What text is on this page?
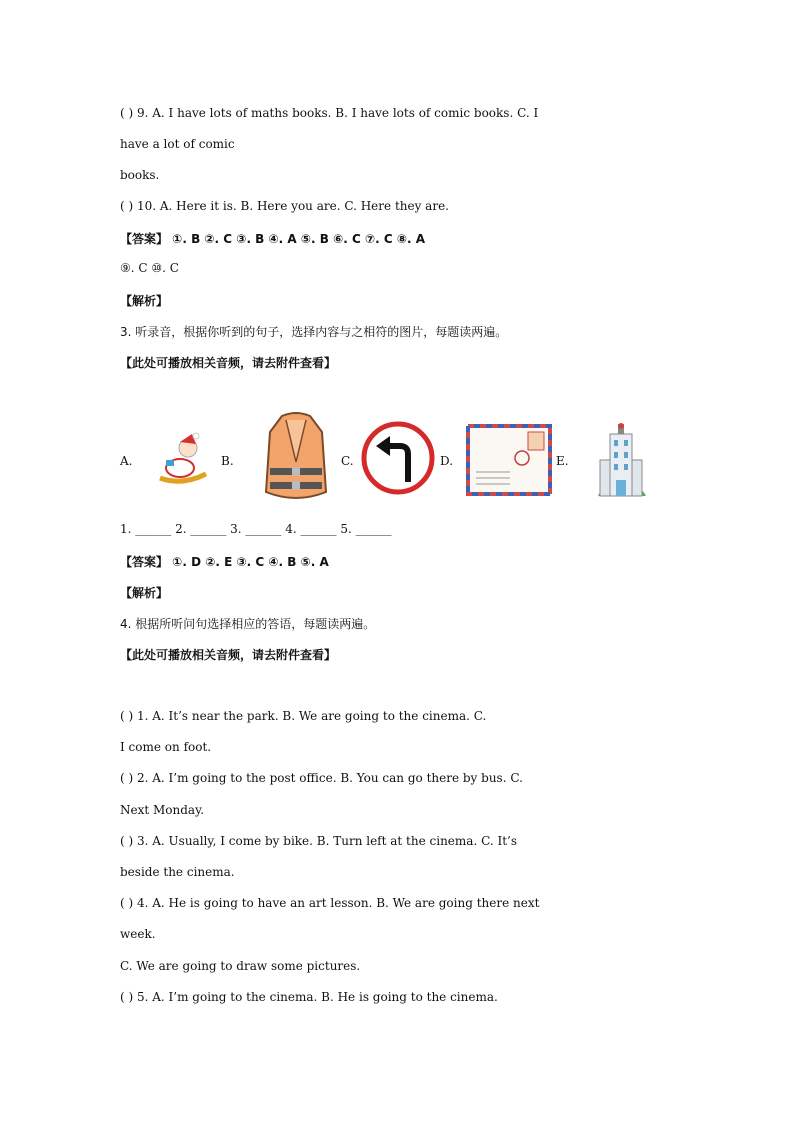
( ) 9. A. I have lots of maths books. B. I have lots of comic books. C. I
have a lot of comic
books.
( ) 10. A. Here it is. B. Here you are. C. Here they are.
【答案】 ①. B ②. C ③. B ④. A ⑤. B ⑥. C ⑦. C ⑧. A
⑨. C ⑩. C
【解析】
3. 听录音，根据你听到的句子，选择内容与之相符的图片，每题读两遍。
【此处可播放相关音频，请去附件查看】
A.	B.	C.	D.	E.
1. ______ 2. ______ 3. ______ 4. ______ 5. ______
【答案】 ①. D ②. E ③. C ④. B ⑤. A
【解析】
4. 根据所听问句选择相应的答语，每题读两遍。
【此处可播放相关音频，请去附件查看】
( ) 1. A. It’s near the park. B. We are going to the cinema. C.
I come on foot.
( ) 2. A. I’m going to the post office. B. You can go there by bus. C.
Next Monday.
( ) 3. A. Usually, I come by bike. B. Turn left at the cinema. C. It’s
beside the cinema.
( ) 4. A. He is going to have an art lesson. B. We are going there next
week.
C. We are going to draw some pictures.
( ) 5. A. I’m going to the cinema. B. He is going to the cinema.
